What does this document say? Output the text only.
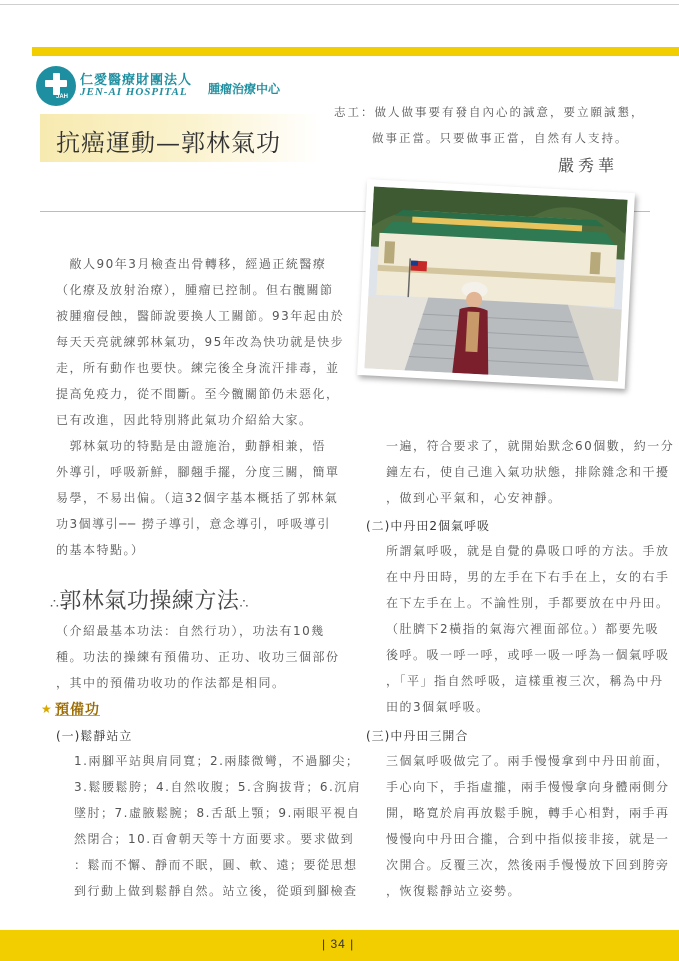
JAH
仁愛醫療財團法人
JEN-AI HOSPITAL 腫瘤治療中心
抗癌運動—郭林氣功
志工：做人做事要有發自內心的誠意，要立願誠懇，
做事正當。只要做事正當，自然有人支持。
嚴秀華
　敝人90年3月檢查出骨轉移，經過正統醫療
（化療及放射治療），腫瘤已控制。但右髖關節
被腫瘤侵蝕，醫師說要換人工關節。93年起由於
每天天亮就練郭林氣功，95年改為快功就是快步
走，所有動作也要快。練完後全身流汗排毒，並
提高免疫力，從不間斷。至今髖關節仍未惡化，
已有改進，因此特別將此氣功介紹給大家。
　郭林氣功的特點是由證施治，動靜相兼，悟
外導引，呼吸新鮮，腳翹手擺，分度三關，簡單
易學，不易出偏。（這32個字基本概括了郭林氣
功3個導引── 撈子導引，意念導引，呼吸導引
的基本特點。）
∴郭林氣功操練方法∴
（介紹最基本功法：自然行功），功法有10幾
種。功法的操練有預備功、正功、收功三個部份
，其中的預備功收功的作法都是相同。
★ 預備功
(一)鬆靜站立
1.兩腳平站與肩同寬；2.兩膝微彎，不過腳尖；
3.鬆腰鬆胯；4.自然收腹；5.含胸拔背；6.沉肩
墜肘；7.虛腋鬆腕；8.舌舐上顎；9.兩眼平視自
然閉合；10.百會朝天等十方面要求。要求做到
：鬆而不懈、靜而不眠，圓、軟、遠；要從思想
到行動上做到鬆靜自然。站立後，從頭到腳檢查
一遍，符合要求了，就開始默念60個數，約一分
鐘左右，使自己進入氣功狀態，排除雜念和干擾
，做到心平氣和，心安神靜。
(二)中丹田2個氣呼吸
所謂氣呼吸，就是自覺的鼻吸口呼的方法。手放
在中丹田時，男的左手在下右手在上，女的右手
在下左手在上。不論性別，手都要放在中丹田。
（肚臍下2橫指的氣海穴裡面部位。）都要先吸
後呼。吸一呼一呼，或呼一吸一呼為一個氣呼吸
，「平」指自然呼吸，這樣重複三次，稱為中丹
田的3個氣呼吸。
(三)中丹田三開合
三個氣呼吸做完了。兩手慢慢拿到中丹田前面，
手心向下，手指虛攏，兩手慢慢拿向身體兩側分
開，略寬於肩再放鬆手腕，轉手心相對，兩手再
慢慢向中丹田合攏，合到中指似接非接，就是一
次開合。反覆三次，然後兩手慢慢放下回到胯旁
，恢復鬆靜站立姿勢。
| 34 |
